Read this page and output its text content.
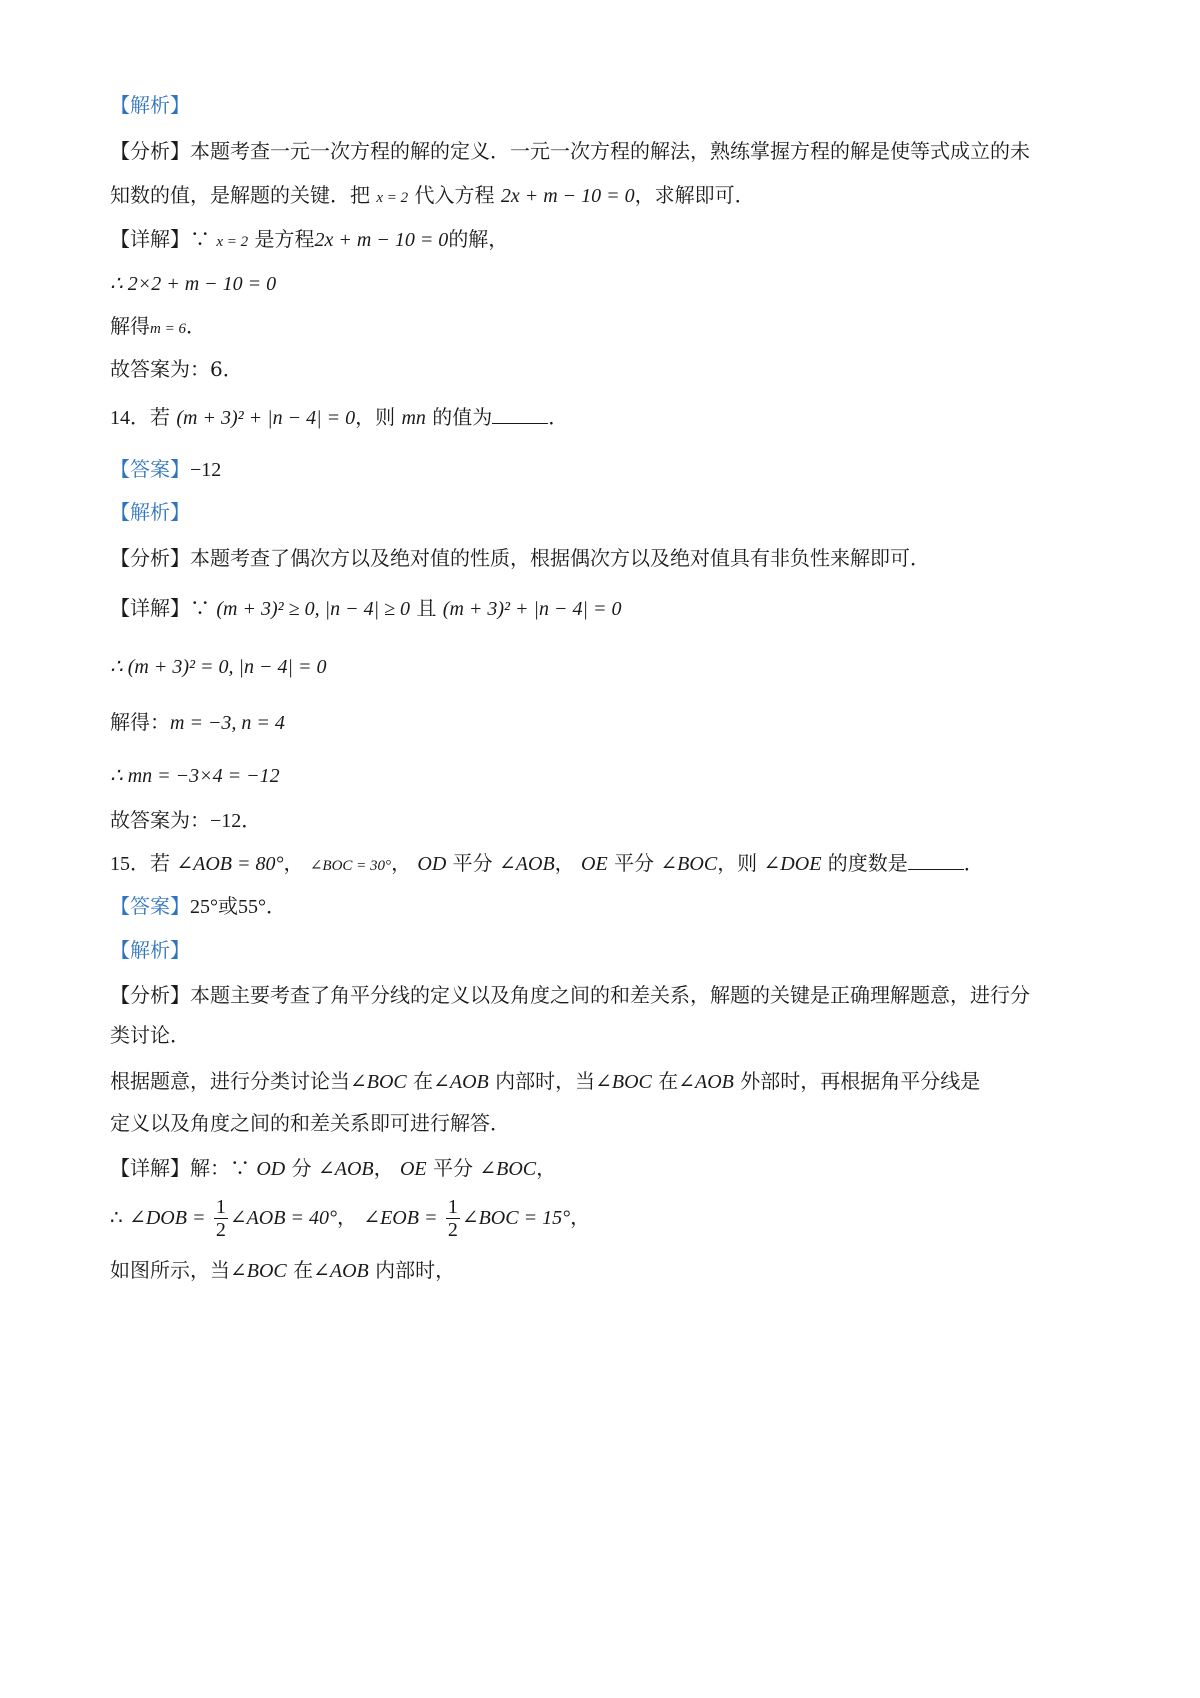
【解析】
【分析】本题考查一元一次方程的解的定义．一元一次方程的解法，熟练掌握方程的解是使等式成立的未
知数的值，是解题的关键．把 x = 2 代入方程 2x + m − 10 = 0，求解即可．
【详解】∵ x = 2 是方程2x + m − 10 = 0的解，
∴ 2×2 + m − 10 = 0
解得m = 6．
故答案为：6．
14．若 (m + 3)² + |n − 4| = 0，则 mn 的值为	．
【答案】−12
【解析】
【分析】本题考查了偶次方以及绝对值的性质，根据偶次方以及绝对值具有非负性来解即可．
【详解】∵ (m + 3)² ≥ 0, |n − 4| ≥ 0 且 (m + 3)² + |n − 4| = 0
∴ (m + 3)² = 0, |n − 4| = 0
解得：m = −3, n = 4
∴ mn = −3×4 = −12
故答案为：−12．
15．若 ∠AOB = 80°， ∠BOC = 30°， OD 平分 ∠AOB， OE 平分 ∠BOC，则 ∠DOE 的度数是	．
【答案】25°或55°．
【解析】
【分析】本题主要考查了角平分线的定义以及角度之间的和差关系，解题的关键是正确理解题意，进行分
类讨论．
根据题意，进行分类讨论当∠BOC 在∠AOB 内部时，当∠BOC 在∠AOB 外部时，再根据角平分线是
定义以及角度之间的和差关系即可进行解答．
【详解】解：∵ OD 分 ∠AOB， OE 平分 ∠BOC，
∴ ∠DOB = $\frac{1}{2}$ ∠AOB = 40°， ∠EOB = $\frac{1}{2}$ ∠BOC = 15°，
如图所示，当∠BOC 在∠AOB 内部时，
